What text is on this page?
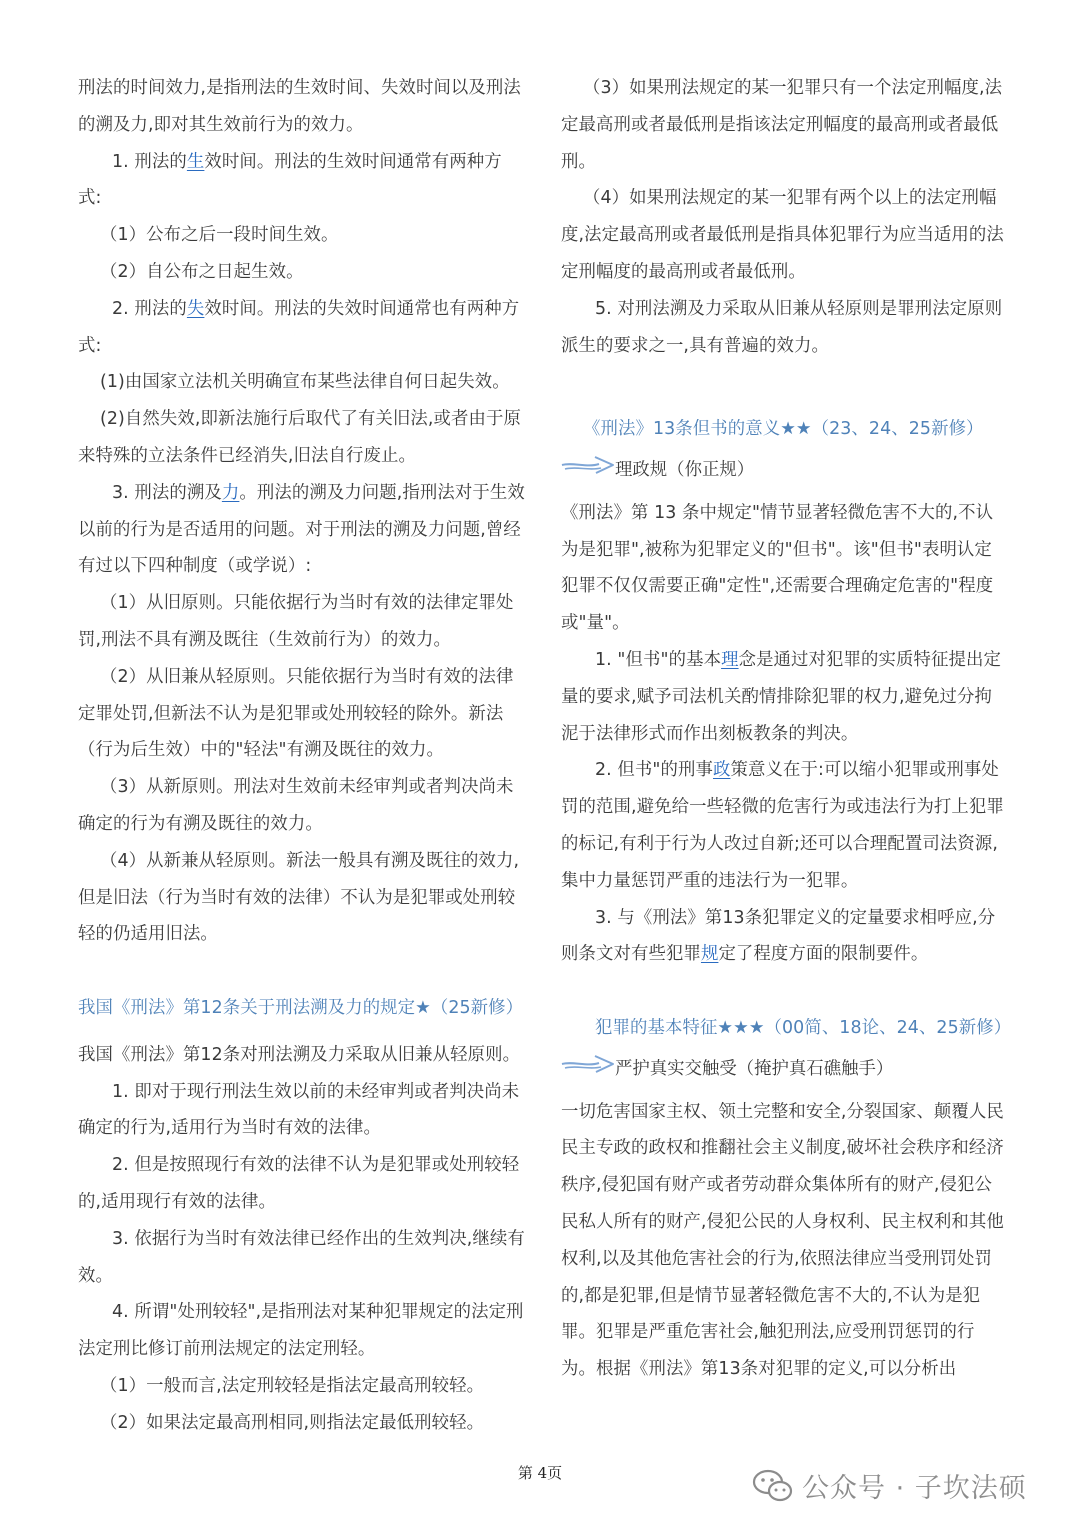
刑法的时间效力,是指刑法的生效时间、失效时间以及刑法的溯及力,即对其生效前行为的效力。

1. 刑法的生效时间。刑法的生效时间通常有两种方式:

（1）公布之后一段时间生效。

（2）自公布之日起生效。

2. 刑法的失效时间。刑法的失效时间通常也有两种方式:

(1)由国家立法机关明确宣布某些法律自何日起失效。

(2)自然失效,即新法施行后取代了有关旧法,或者由于原来特殊的立法条件已经消失,旧法自行废止。

3. 刑法的溯及力。刑法的溯及力问题,指刑法对于生效以前的行为是否适用的问题。对于刑法的溯及力问题,曾经有过以下四种制度（或学说）:

（1）从旧原则。只能依据行为当时有效的法律定罪处罚,刑法不具有溯及既往（生效前行为）的效力。

（2）从旧兼从轻原则。只能依据行为当时有效的法律定罪处罚,但新法不认为是犯罪或处刑较轻的除外。新法（行为后生效）中的"轻法"有溯及既往的效力。

（3）从新原则。刑法对生效前未经审判或者判决尚未确定的行为有溯及既往的效力。

（4）从新兼从轻原则。新法一般具有溯及既往的效力,但是旧法（行为当时有效的法律）不认为是犯罪或处刑较轻的仍适用旧法。

我国《刑法》第12条关于刑法溯及力的规定★（25新修）

我国《刑法》第12条对刑法溯及力采取从旧兼从轻原则。

1. 即对于现行刑法生效以前的未经审判或者判决尚未确定的行为,适用行为当时有效的法律。

2. 但是按照现行有效的法律不认为是犯罪或处刑较轻的,适用现行有效的法律。

3. 依据行为当时有效法律已经作出的生效判决,继续有效。

4. 所谓"处刑较轻",是指刑法对某种犯罪规定的法定刑法定刑比修订前刑法规定的法定刑轻。

（1）一般而言,法定刑较轻是指法定最高刑较轻。

（2）如果法定最高刑相同,则指法定最低刑较轻。

（3）如果刑法规定的某一犯罪只有一个法定刑幅度,法定最高刑或者最低刑是指该法定刑幅度的最高刑或者最低刑。

（4）如果刑法规定的某一犯罪有两个以上的法定刑幅度,法定最高刑或者最低刑是指具体犯罪行为应当适用的法定刑幅度的最高刑或者最低刑。

5. 对刑法溯及力采取从旧兼从轻原则是罪刑法定原则派生的要求之一,具有普遍的效力。

《刑法》13条但书的意义★★（23、24、25新修）

理政规（你正规）

《刑法》第 13 条中规定"情节显著轻微危害不大的,不认为是犯罪",被称为犯罪定义的"但书"。该"但书"表明认定犯罪不仅仅需要正确"定性",还需要合理确定危害的"程度或"量"。

1. "但书"的基本理念是通过对犯罪的实质特征提出定量的要求,赋予司法机关酌情排除犯罪的权力,避免过分拘泥于法律形式而作出刻板教条的判决。

2. 但书"的刑事政策意义在于:可以缩小犯罪或刑事处罚的范围,避免给一些轻微的危害行为或违法行为打上犯罪的标记,有利于行为人改过自新;还可以合理配置司法资源,集中力量惩罚严重的违法行为一犯罪。

3. 与《刑法》第13条犯罪定义的定量要求相呼应,分则条文对有些犯罪规定了程度方面的限制要件。

犯罪的基本特征★★★（00简、18论、24、25新修）

严护真实交触受（掩护真石礁触手）

一切危害国家主权、领土完整和安全,分裂国家、颠覆人民民主专政的政权和推翻社会主义制度,破坏社会秩序和经济秩序,侵犯国有财产或者劳动群众集体所有的财产,侵犯公民私人所有的财产,侵犯公民的人身权利、民主权利和其他权利,以及其他危害社会的行为,依照法律应当受刑罚处罚的,都是犯罪,但是情节显著轻微危害不大的,不认为是犯罪。犯罪是严重危害社会,触犯刑法,应受刑罚惩罚的行为。根据《刑法》第13条对犯罪的定义,可以分析出

第 4页	公众号 · 子坎法硕
